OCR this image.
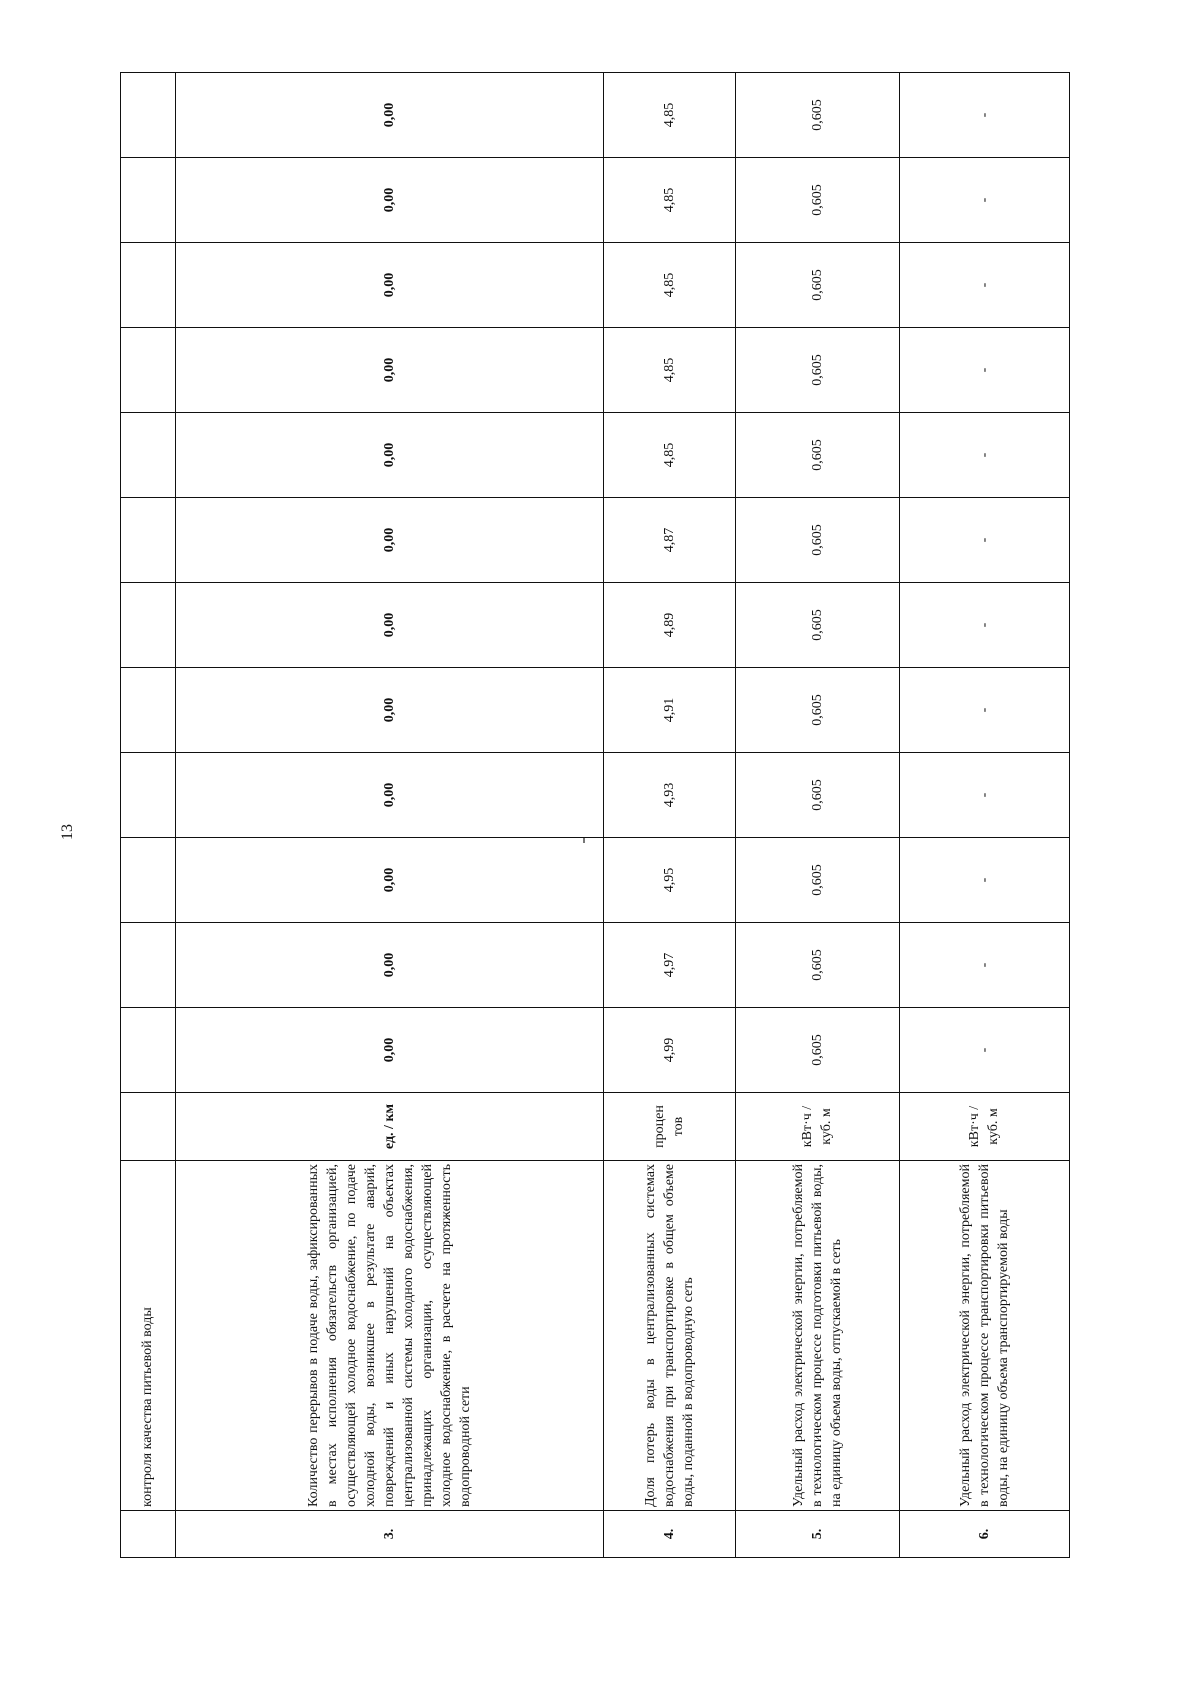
13
	контроля качества питьевой воды													
3.	Количество перерывов в подаче воды, зафиксированных в местах исполнения обязательств организацией, осуществляющей холодное водоснабжение, по подаче холодной воды, возникшее в результате аварий, повреждений и иных нарушений на объектах централизованной системы холодного водоснабжения, принадлежащих организации, осуществляющей холодное водоснабжение, в расчете на протяженность водопроводной сети	ед. / км	0,00	0,00	0,00	0,00	0,00	0,00	0,00	0,00	0,00	0,00	0,00	0,00
4.	Доля потерь воды в централизованных системах водоснабжения при транспортировке в общем объеме воды, поданной в водопроводную сеть	процен тов	4,99	4,97	4,95	4,93	4,91	4,89	4,87	4,85	4,85	4,85	4,85	4,85
5.	Удельный расход электрической энергии, потребляемой в технологическом процессе подготовки питьевой воды, на единицу объема воды, отпускаемой в сеть	кВт·ч / куб. м	0,605	0,605	0,605	0,605	0,605	0,605	0,605	0,605	0,605	0,605	0,605	0,605
6.	Удельный расход электрической энергии, потребляемой в технологическом процессе транспортировки питьевой воды, на единицу объема транспортируемой воды	кВт·ч / куб. м	-	-	-	-	-	-	-	-	-	-	-	-
